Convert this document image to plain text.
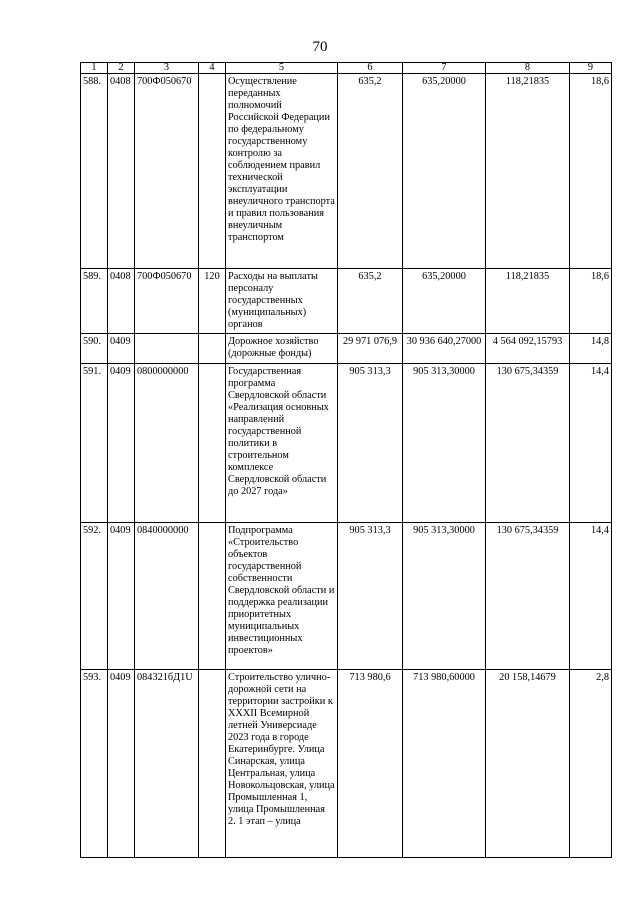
70
1	2	3	4	5	6	7	8	9
588.	0408	700Ф050670		Осуществление переданных полномочий Российской Федерации по федеральному государственному контролю за соблюдением правил технической эксплуатации внеуличного транспорта и правил пользования внеуличным транспортом	635,2	635,20000	118,21835	18,6
589.	0408	700Ф050670	120	Расходы на выплаты персоналу государственных (муниципальных) органов	635,2	635,20000	118,21835	18,6
590.	0409			Дорожное хозяйство (дорожные фонды)	29 971 076,9	30 936 640,27000	4 564 092,15793	14,8
591.	0409	0800000000		Государственная программа Свердловской области «Реализация основных направлений государственной политики в строительном комплексе Свердловской области до 2027 года»	905 313,3	905 313,30000	130 675,34359	14,4
592.	0409	0840000000		Подпрограмма «Строительство объектов государственной собственности Свердловской области и поддержка реализации приоритетных муниципальных инвестиционных проектов»	905 313,3	905 313,30000	130 675,34359	14,4
593.	0409	084321бД1U		Строительство улично-дорожной сети на территории застройки к XXXII Всемирной летней Универсиаде 2023 года в городе Екатеринбурге. Улица Синарская, улица Центральная, улица Новокольцовская, улица Промышленная 1, улица Промышленная 2. 1 этап – улица	713 980,6	713 980,60000	20 158,14679	2,8
